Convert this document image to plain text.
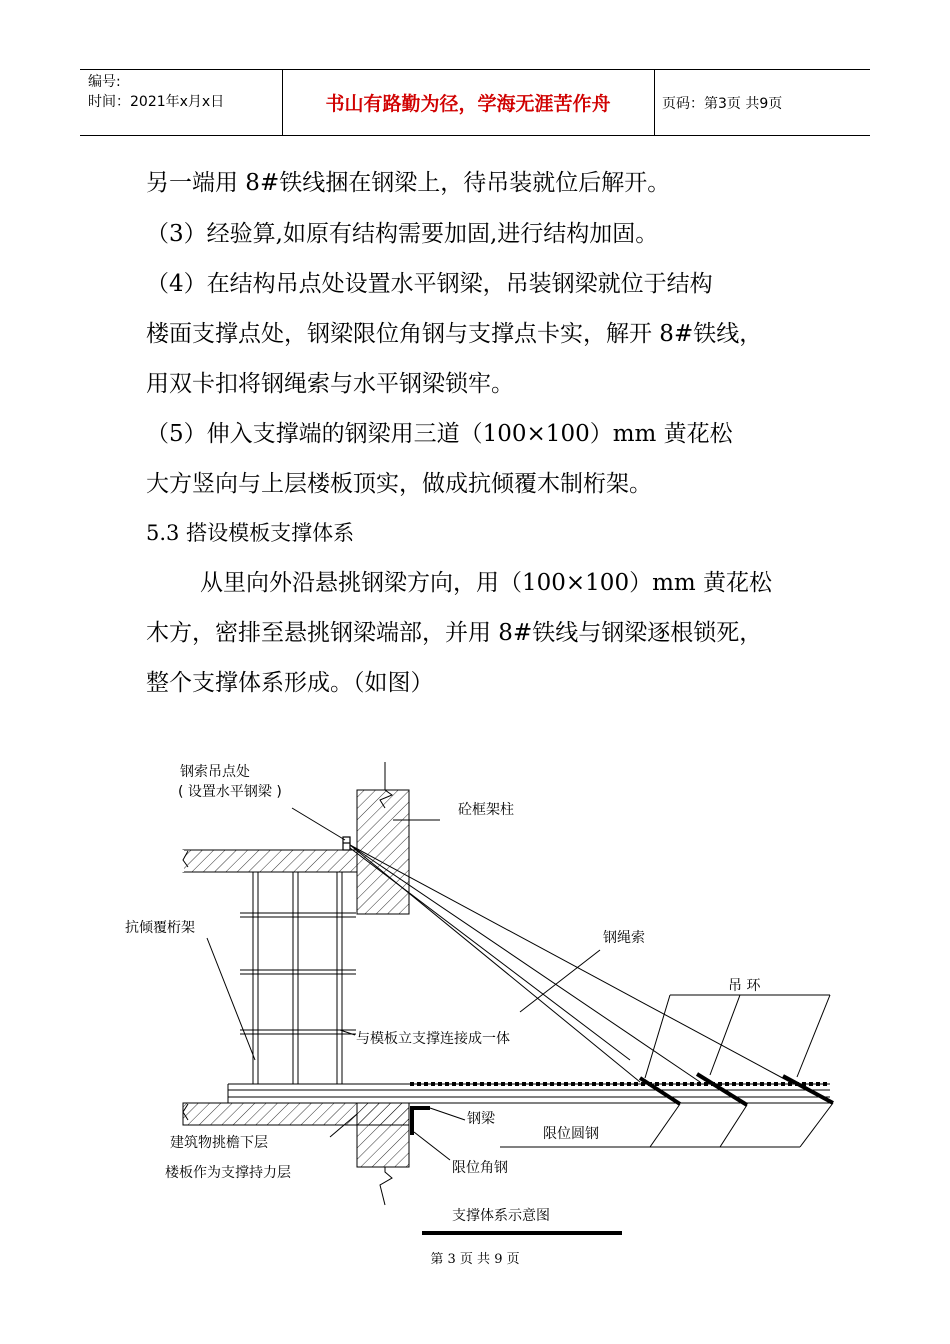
编号:
时间：2021年x月x日	书山有路勤为径，学海无涯苦作舟	页码：第3页 共9页
另一端用 8#铁线捆在钢梁上，待吊装就位后解开。
（3）经验算,如原有结构需要加固,进行结构加固。
（4）在结构吊点处设置水平钢梁，吊装钢梁就位于结构
楼面支撑点处，钢梁限位角钢与支撑点卡实，解开 8#铁线，
用双卡扣将钢绳索与水平钢梁锁牢。
（5）伸入支撑端的钢梁用三道（100×100）mm 黄花松
大方竖向与上层楼板顶实，做成抗倾覆木制桁架。
5.3 搭设模板支撑体系
从里向外沿悬挑钢梁方向，用（100×100）mm 黄花松
木方，密排至悬挑钢梁端部，并用 8#铁线与钢梁逐根锁死，
整个支撑体系形成。（如图）
钢索吊点处
( 设置水平钢梁 )
砼框架柱
抗倾覆桁架
钢绳索
吊 环
与模板立支撑连接成一体
钢梁
限位圆钢
建筑物挑檐下层
楼板作为支撑持力层	限位角钢
支撑体系示意图
第 3 页 共 9 页
